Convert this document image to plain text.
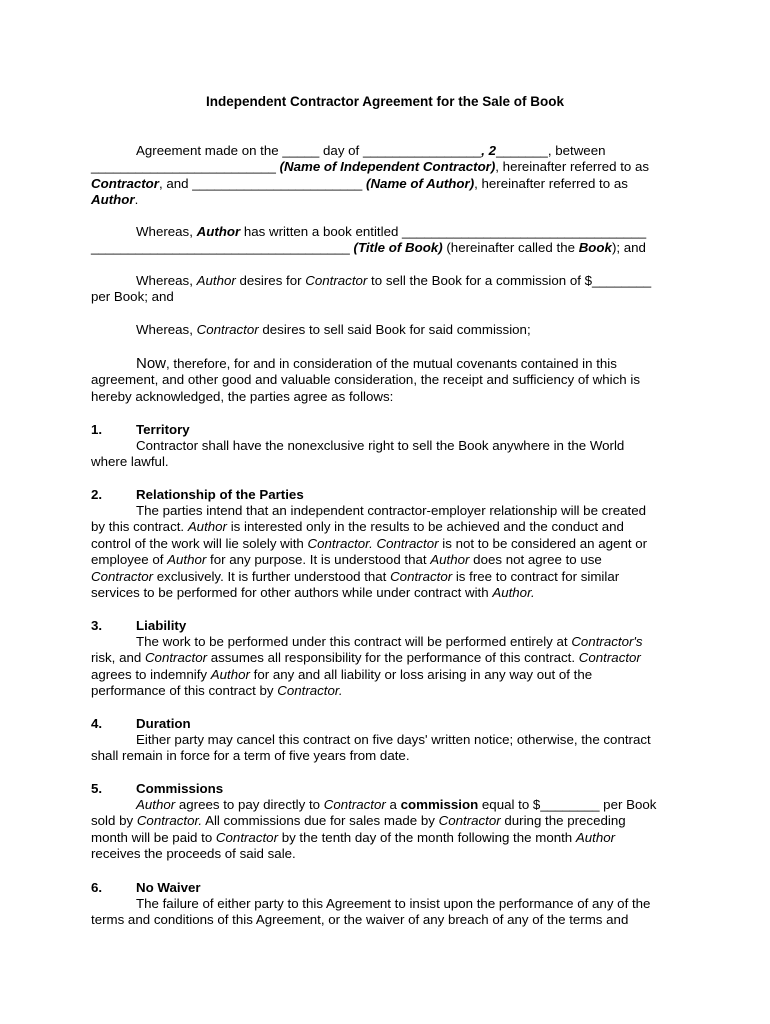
Independent Contractor Agreement for the Sale of Book
Agreement made on the _____ day of ________________, 2_______, between
_________________________ (Name of Independent Contractor), hereinafter referred to as
Contractor, and _______________________ (Name of Author), hereinafter referred to as
Author.
Whereas, Author has written a book entitled _________________________________
___________________________________ (Title of Book) (hereinafter called the Book); and
Whereas, Author desires for Contractor to sell the Book for a commission of $________
per Book; and
Whereas, Contractor desires to sell said Book for said commission;
Now, therefore, for and in consideration of the mutual covenants contained in this
agreement, and other good and valuable consideration, the receipt and sufficiency of which is
hereby acknowledged, the parties agree as follows:
1.	Territory
Contractor shall have the nonexclusive right to sell the Book anywhere in the World
where lawful.
2.	Relationship of the Parties
The parties intend that an independent contractor-employer relationship will be created
by this contract. Author is interested only in the results to be achieved and the conduct and
control of the work will lie solely with Contractor. Contractor is not to be considered an agent or
employee of Author for any purpose. It is understood that Author does not agree to use
Contractor exclusively. It is further understood that Contractor is free to contract for similar
services to be performed for other authors while under contract with Author.
3.	Liability
The work to be performed under this contract will be performed entirely at Contractor's
risk, and Contractor assumes all responsibility for the performance of this contract. Contractor
agrees to indemnify Author for any and all liability or loss arising in any way out of the
performance of this contract by Contractor.
4.	Duration
Either party may cancel this contract on five days' written notice; otherwise, the contract
shall remain in force for a term of five years from date.
5.	Commissions
Author agrees to pay directly to Contractor a commission equal to $________ per Book
sold by Contractor. All commissions due for sales made by Contractor during the preceding
month will be paid to Contractor by the tenth day of the month following the month Author
receives the proceeds of said sale.
6.	No Waiver
The failure of either party to this Agreement to insist upon the performance of any of the
terms and conditions of this Agreement, or the waiver of any breach of any of the terms and
